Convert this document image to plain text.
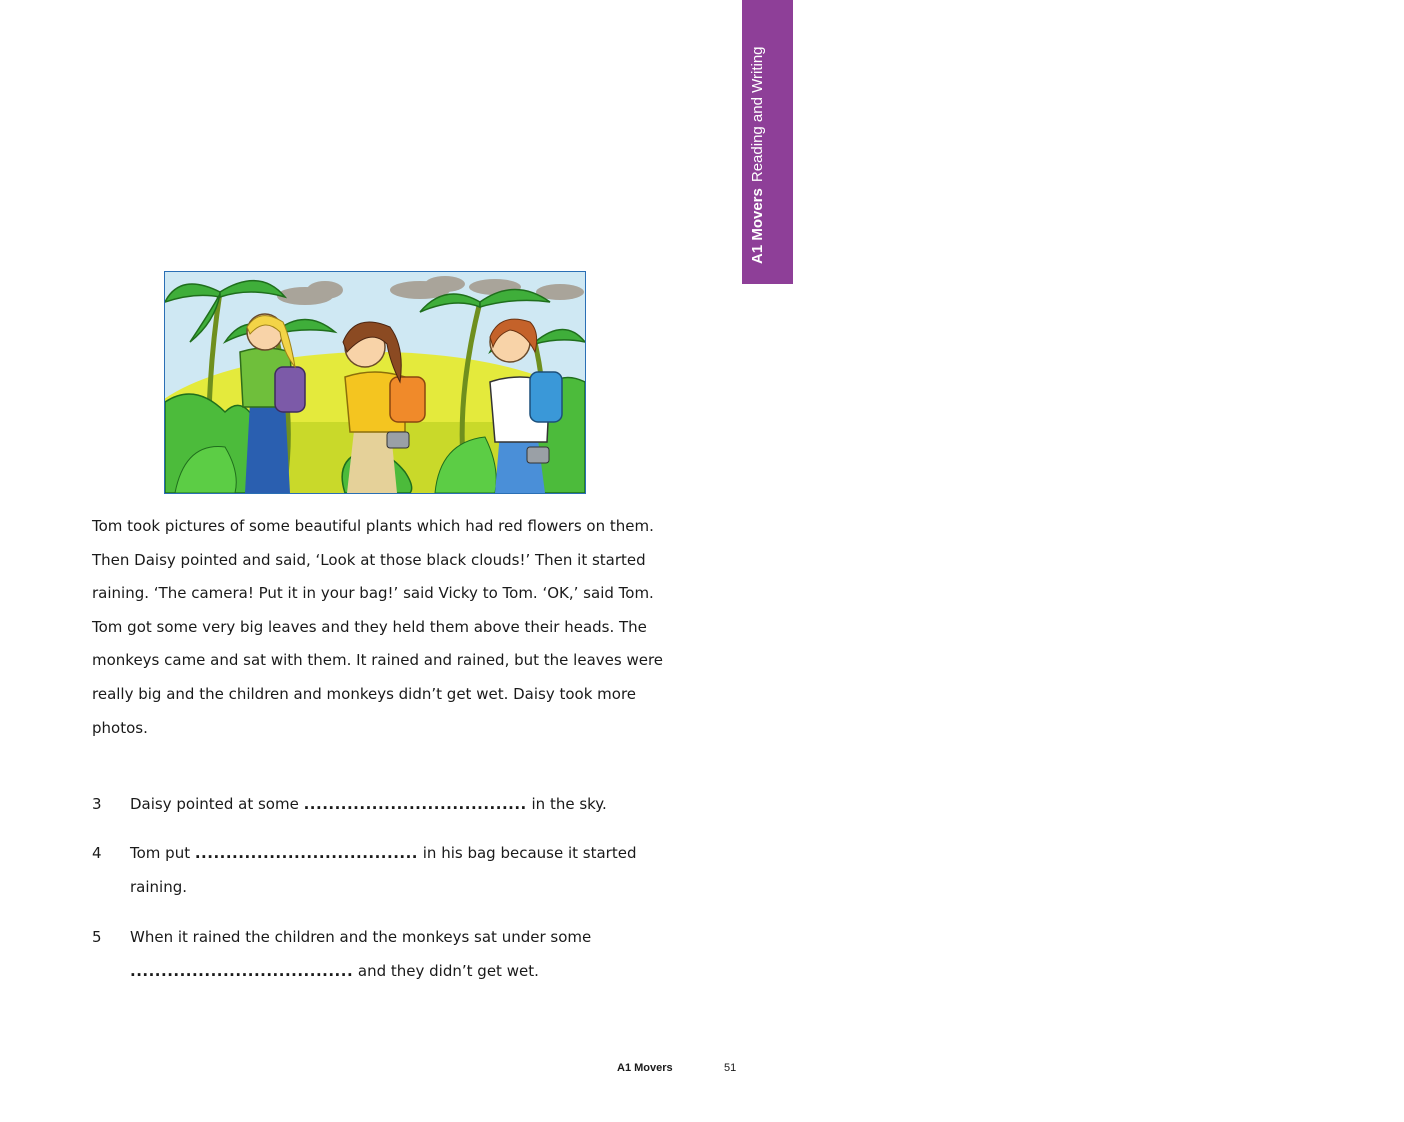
A1 MoversReading and Writing
Tom took pictures of some beautiful plants which had red flowers on them.
Then Daisy pointed and said, ‘Look at those black clouds!’ Then it started
raining. ‘The camera! Put it in your bag!’ said Vicky to Tom. ‘OK,’ said Tom.
Tom got some very big leaves and they held them above their heads. The
monkeys came and sat with them. It rained and rained, but the leaves were
really big and the children and monkeys didn’t get wet. Daisy took more
photos.
3	Daisy pointed at some .................................... in the sky.
4	Tom put .................................... in his bag because it started
raining.
5	When it rained the children and the monkeys sat under some
.................................... and they didn’t get wet.
A1 Movers	51
